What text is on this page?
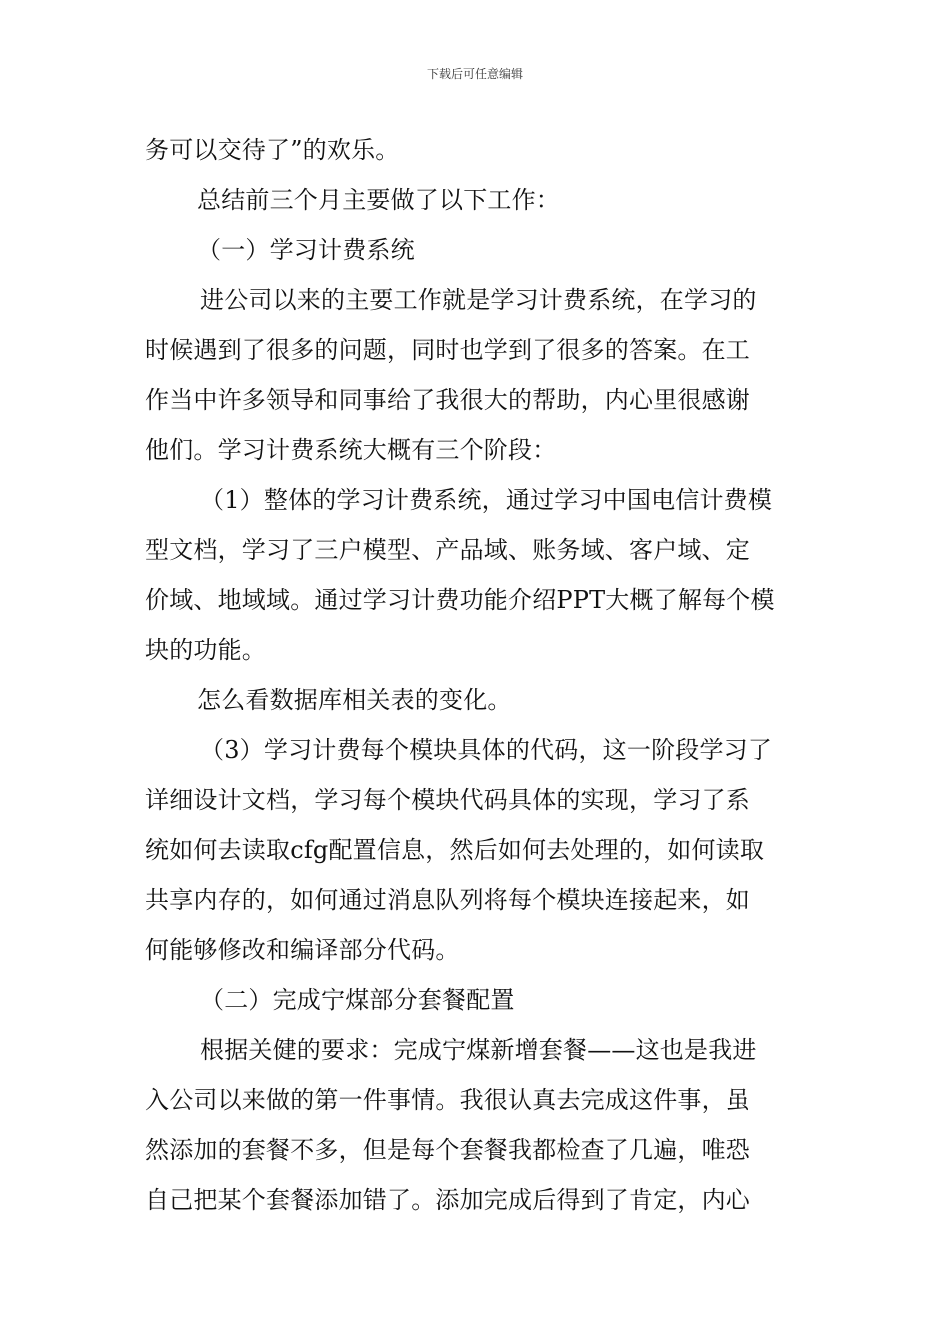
下载后可任意编辑
务可以交待了”的欢乐。
总结前三个月主要做了以下工作：
（一）学习计费系统
进公司以来的主要工作就是学习计费系统，在学习的
时候遇到了很多的问题，同时也学到了很多的答案。在工
作当中许多领导和同事给了我很大的帮助，内心里很感谢
他们。学习计费系统大概有三个阶段：
（1）整体的学习计费系统，通过学习中国电信计费模
型文档，学习了三户模型、产品域、账务域、客户域、定
价域、地域域。通过学习计费功能介绍PPT大概了解每个模
块的功能。
怎么看数据库相关表的变化。
（3）学习计费每个模块具体的代码，这一阶段学习了
详细设计文档，学习每个模块代码具体的实现，学习了系
统如何去读取cfg配置信息，然后如何去处理的，如何读取
共享内存的，如何通过消息队列将每个模块连接起来，如
何能够修改和编译部分代码。
（二）完成宁煤部分套餐配置
根据关健的要求：完成宁煤新增套餐——这也是我进
入公司以来做的第一件事情。我很认真去完成这件事，虽
然添加的套餐不多，但是每个套餐我都检查了几遍，唯恐
自己把某个套餐添加错了。添加完成后得到了肯定，内心
